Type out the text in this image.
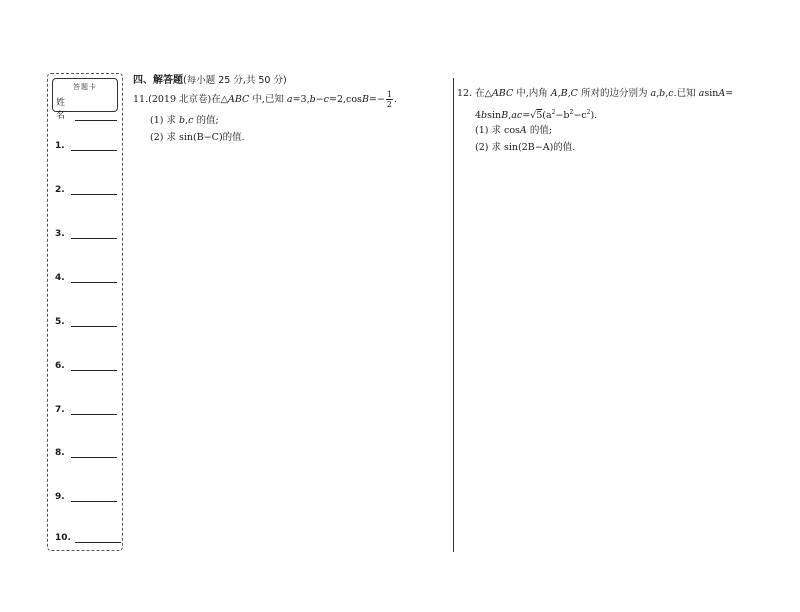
答题卡
姓名
1.
2.
3.
4.
5.
6.
7.
8.
9.
10.
四、解答题(每小题 25 分,共 50 分)
11.(2019 北京卷)在△ABC 中,已知 $a=3,b-c=2,\cos B=- \frac{1}{2}$ .
(1) 求 b,c 的值;
(2) 求 sin(B−C)的值.
12. 在△ABC 中,内角 A,B,C 所对的边分别为 a,b,c.已知 asinA=
$4bsinB,ac=√5(a^2-b^2-c^2)$.
(1) 求 cosA 的值;
(2) 求 sin(2B−A)的值.
